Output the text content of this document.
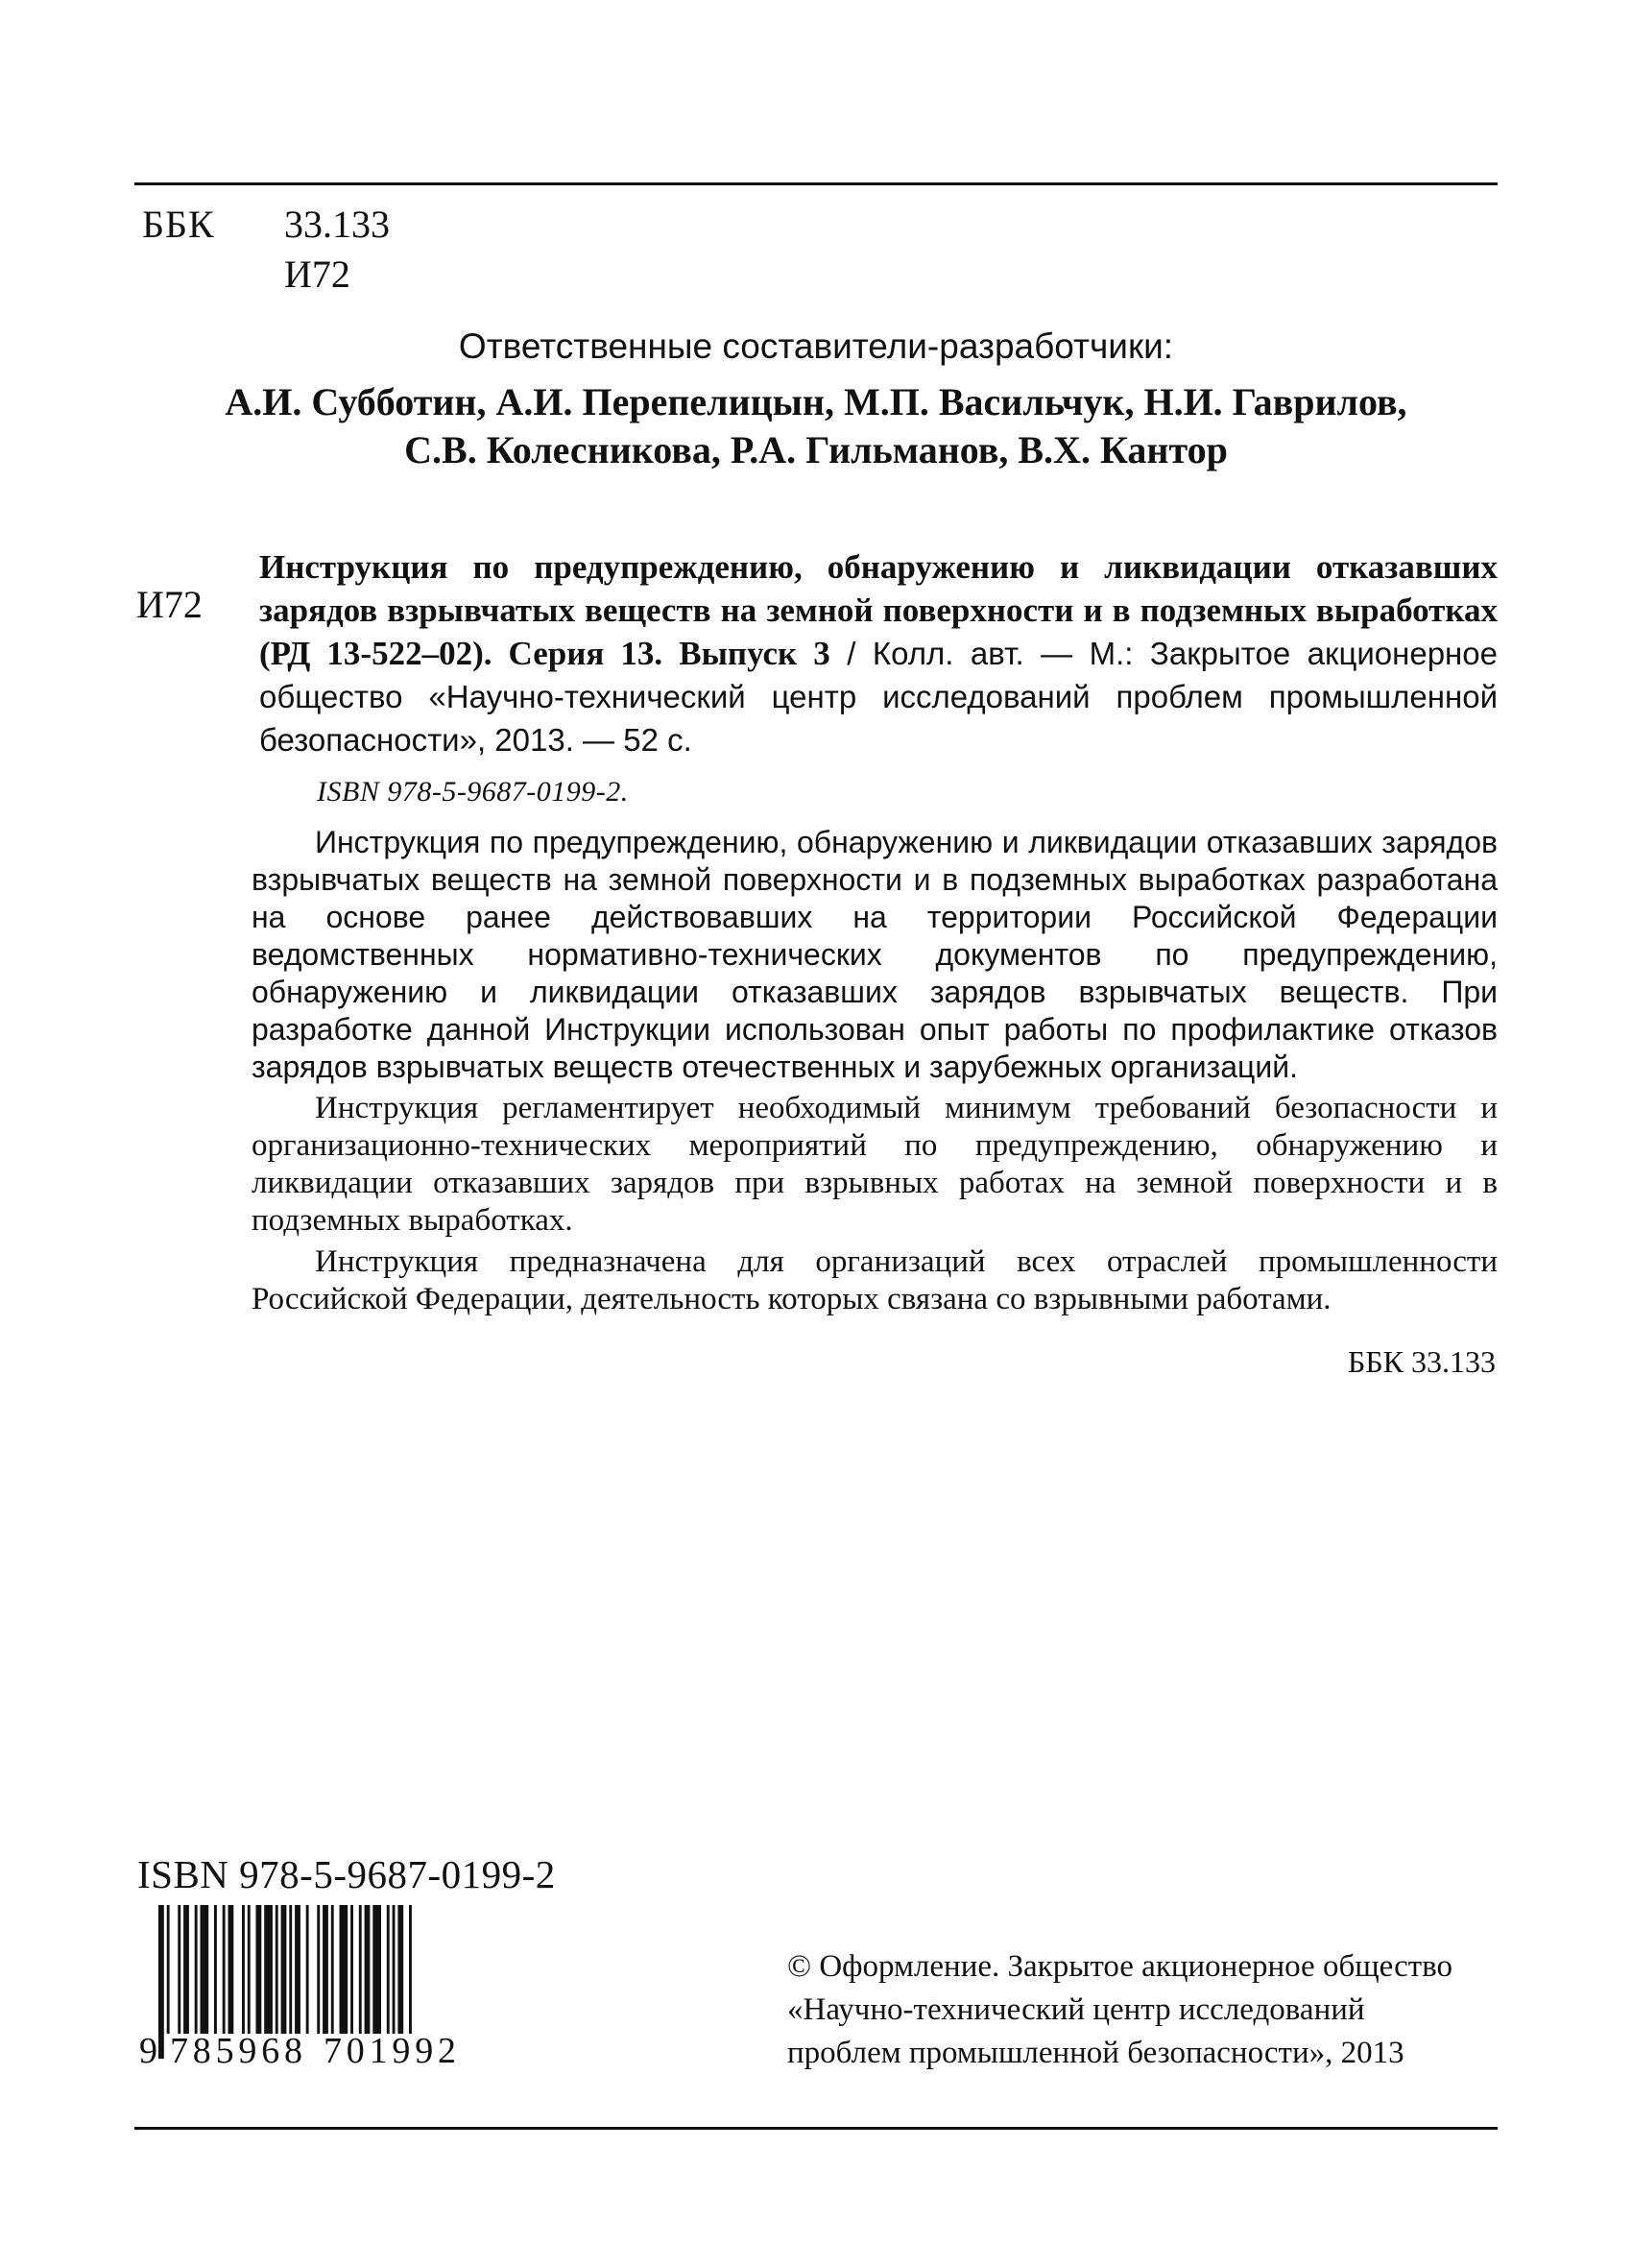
ББК 33.133
И72
Ответственные составители-разработчики:
А.И. Субботин, А.И. Перепелицын, М.П. Васильчук, Н.И. Гаврилов,
С.В. Колесникова, Р.А. Гильманов, В.Х. Кантор
И72
Инструкция по предупреждению, обнаружению и ликвидации отказавших зарядов взрывчатых веществ на земной поверхности и в подземных выработках (РД 13-522–02). Серия 13. Выпуск 3 / Колл. авт. — М.: Закрытое акционерное общество «Научно-технический центр исследований проблем промышленной безопасности», 2013. — 52 с.
ISBN 978-5-9687-0199-2.

Инструкция по предупреждению, обнаружению и ликвидации отказавших зарядов взрывчатых веществ на земной поверхности и в подземных выработках разработана на основе ранее действовавших на территории Российской Федерации ведомственных нормативно-технических документов по предупреждению, обнаружению и ликвидации отказавших зарядов взрывчатых веществ. При разработке данной Инструкции использован опыт работы по профилактике отказов зарядов взрывчатых веществ отечественных и зарубежных организаций.

Инструкция регламентирует необходимый минимум требований безопасности и организационно-технических мероприятий по предупреждению, обнаружению и ликвидации отказавших зарядов при взрывных работах на земной поверхности и в подземных выработках.

Инструкция предназначена для организаций всех отраслей промышленности Российской Федерации, деятельность которых связана со взрывными работами.

ББК 33.133
ISBN 978-5-9687-0199-2
9 785968 701992
© Оформление. Закрытое акционерное общество
«Научно-технический центр исследований
проблем промышленной безопасности», 2013
